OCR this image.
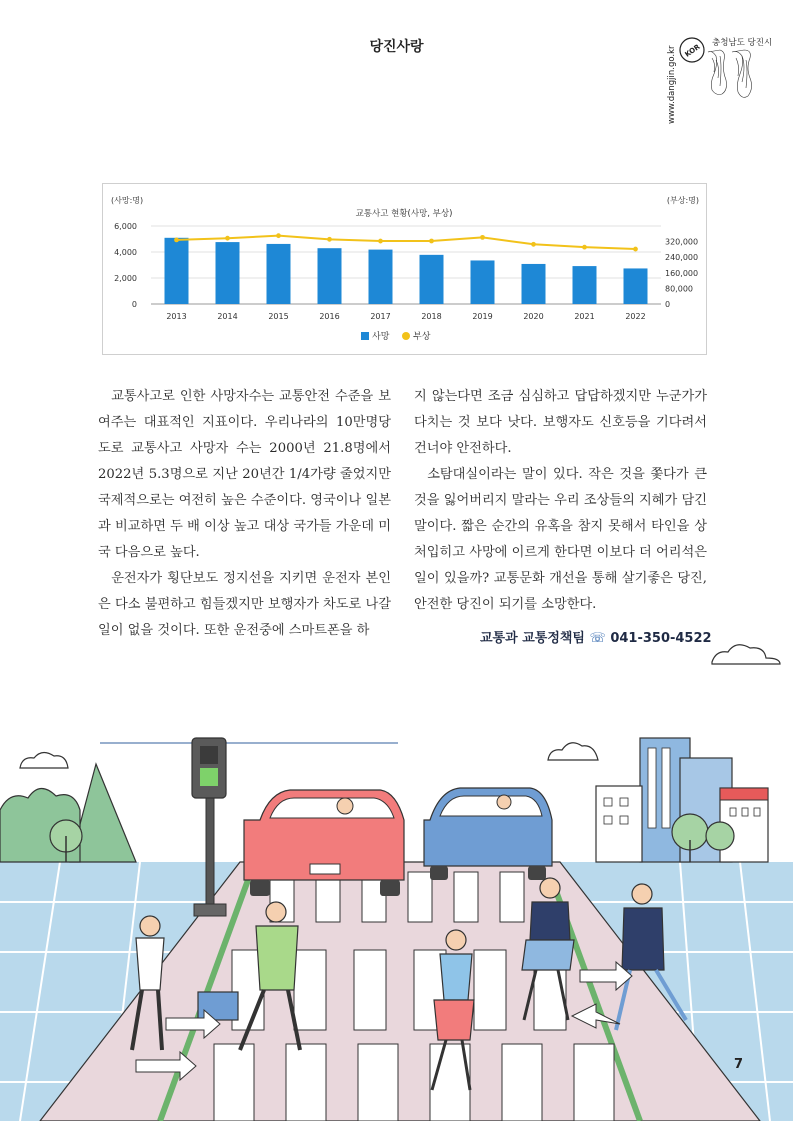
당진사랑	www.dangjin.go.kr KOR 충청남도 당진시
(사망:명)	(부상:명)
교통사고 현황(사망, 부상)
0
2,000
4,000
6,000
0
80,000
160,000
240,000
320,000
2013	2014	2015	2016	2017	2018	2019	2020	2021	2022
사망	부상

교통사고로 인한 사망자수는 교통안전 수준을 보여주는 대표적인 지표이다. 우리나라의 10만명당 도로 교통사고 사망자 수는 2000년 21.8명에서 2022년 5.3명으로 지난 20년간 1/4가량 줄었지만 국제적으로는 여전히 높은 수준이다. 영국이나 일본과 비교하면 두 배 이상 높고 대상 국가들 가운데 미국 다음으로 높다.

운전자가 횡단보도 정지선을 지키면 운전자 본인은 다소 불편하고 힘들겠지만 보행자가 차도로 나갈 일이 없을 것이다. 또한 운전중에 스마트폰을 하

지 않는다면 조금 심심하고 답답하겠지만 누군가가 다치는 것 보다 낫다. 보행자도 신호등을 기다려서 건너야 안전하다.

소탐대실이라는 말이 있다. 작은 것을 쫓다가 큰 것을 잃어버리지 말라는 우리 조상들의 지혜가 담긴 말이다. 짧은 순간의 유혹을 참지 못해서 타인을 상처입히고 사망에 이르게 한다면 이보다 더 어리석은 일이 있을까? 교통문화 개선을 통해 살기좋은 당진, 안전한 당진이 되기를 소망한다.

교통과 교통정책팀 ☏ 041-350-4522
7
